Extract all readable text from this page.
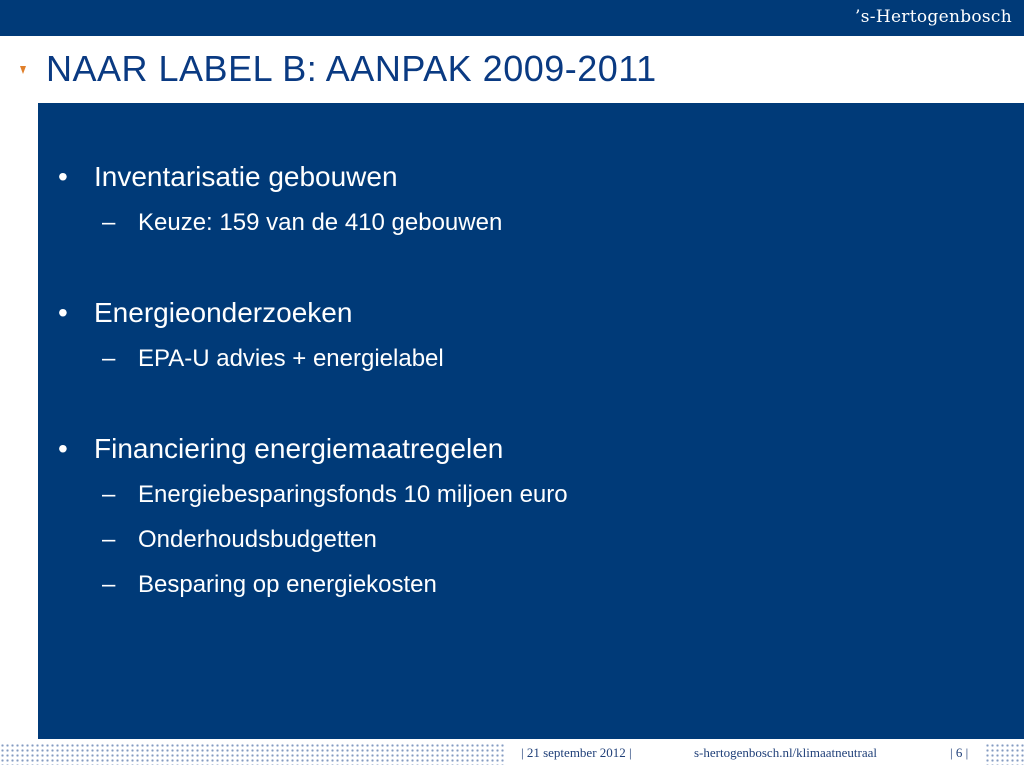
’s-Hertogenbosch
NAAR LABEL B: AANPAK 2009-2011
• Inventarisatie gebouwen
– Keuze: 159 van de 410 gebouwen
• Energieonderzoeken
– EPA-U advies + energielabel
• Financiering energiemaatregelen
– Energiebesparingsfonds 10 miljoen euro
– Onderhoudsbudgetten
– Besparing op energiekosten
| 21 september 2012 |	s-hertogenbosch.nl/klimaatneutraal	| 6 |
